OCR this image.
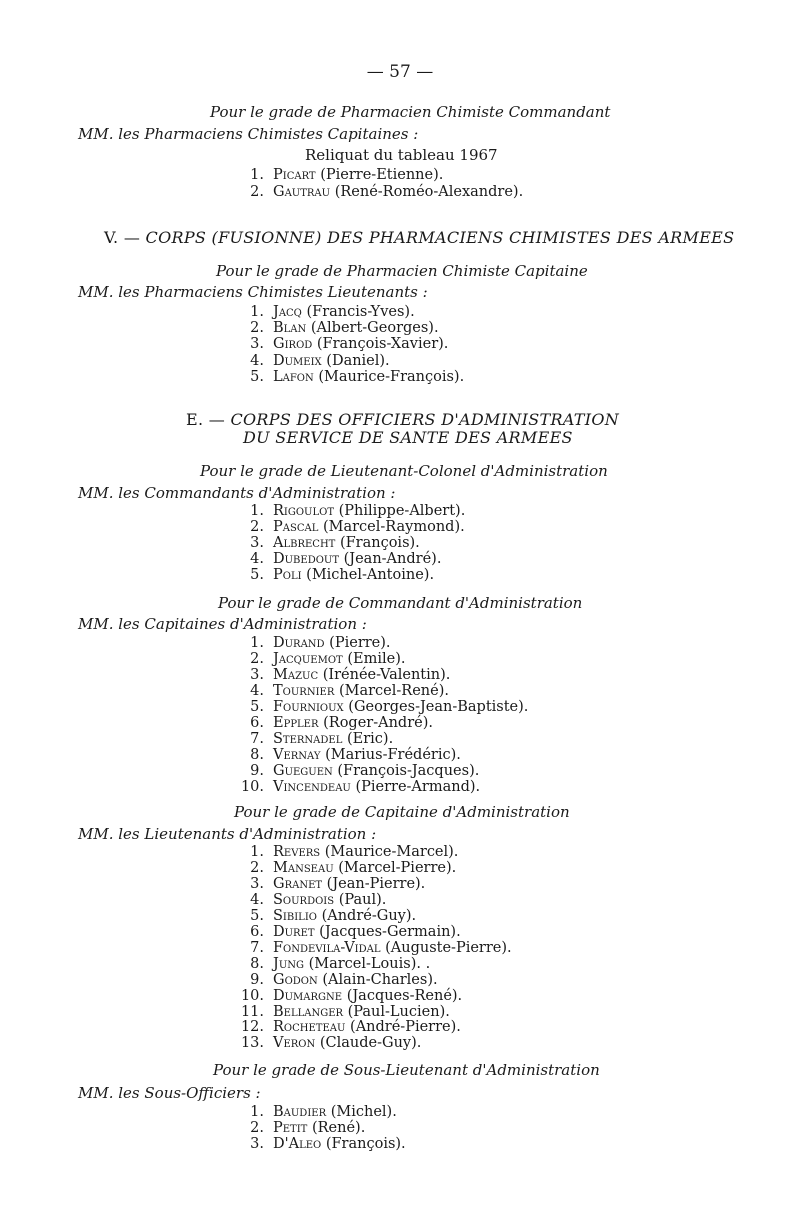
— 57 —
Pour le grade de Pharmacien Chimiste Commandant
MM. les Pharmaciens Chimistes Capitaines :
Reliquat du tableau 1967
1. Picart (Pierre-Etienne).
2. Gautrau (René-Roméo-Alexandre).
V. — CORPS (FUSIONNE) DES PHARMACIENS CHIMISTES DES ARMEES
Pour le grade de Pharmacien Chimiste Capitaine
MM. les Pharmaciens Chimistes Lieutenants :
1. Jacq (Francis-Yves).
2. Blan (Albert-Georges).
3. Girod (François-Xavier).
4. Dumeix (Daniel).
5. Lafon (Maurice-François).
E. — CORPS DES OFFICIERS D'ADMINISTRATION
DU SERVICE DE SANTE DES ARMEES
Pour le grade de Lieutenant-Colonel d'Administration
MM. les Commandants d'Administration :
1. Rigoulot (Philippe-Albert).
2. Pascal (Marcel-Raymond).
3. Albrecht (François).
4. Dubedout (Jean-André).
5. Poli (Michel-Antoine).
Pour le grade de Commandant d'Administration
MM. les Capitaines d'Administration :
1. Durand (Pierre).
2. Jacquemot (Emile).
3. Mazuc (Irénée-Valentin).
4. Tournier (Marcel-René).
5. Fournioux (Georges-Jean-Baptiste).
6. Eppler (Roger-André).
7. Sternadel (Eric).
8. Vernay (Marius-Frédéric).
9. Gueguen (François-Jacques).
10. Vincendeau (Pierre-Armand).
Pour le grade de Capitaine d'Administration
MM. les Lieutenants d'Administration :
1. Revers (Maurice-Marcel).
2. Manseau (Marcel-Pierre).
3. Granet (Jean-Pierre).
4. Sourdois (Paul).
5. Sibilio (André-Guy).
6. Duret (Jacques-Germain).
7. Fondevila-Vidal (Auguste-Pierre).
8. Jung (Marcel-Louis). .
9. Godon (Alain-Charles).
10. Dumargne (Jacques-René).
11. Bellanger (Paul-Lucien).
12. Rocheteau (André-Pierre).
13. Veron (Claude-Guy).
Pour le grade de Sous-Lieutenant d'Administration
MM. les Sous-Officiers :
1. Baudier (Michel).
2. Petit (René).
3. D'Aleo (François).
